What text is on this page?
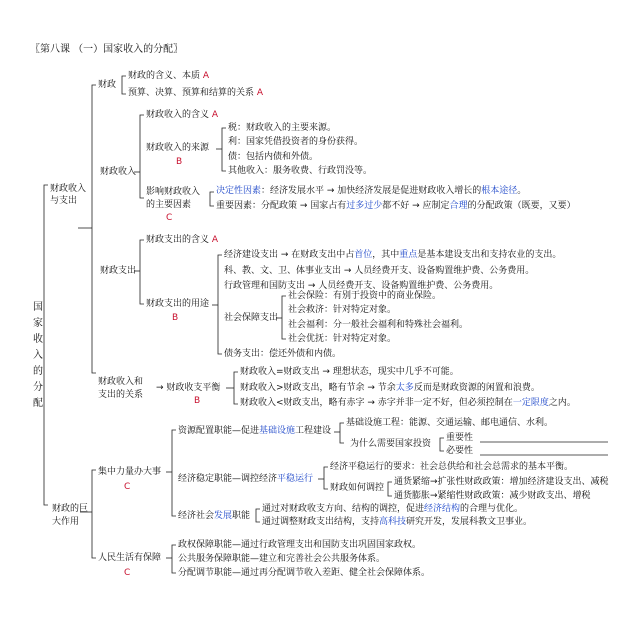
〖第八课 （一）国家收入的分配〗
国家收入的分配
财政收入与支出
财政
财政的含义、本质 A
预算、决算、预算和结算的关系 A
财政收入
财政收入的含义 A
财政收入的来源
B
税：财政收入的主要来源。
利：国家凭借投资者的身份获得。
债：包括内债和外债。
其他收入：服务收费、行政罚没等。
影响财政收入
的主要因素
C
决定性因素：经济发展水平 → 加快经济发展是促进财政收入增长的根本途径。
重要因素：分配政策 → 国家占有过多过少都不好 → 应制定合理的分配政策（既要，又要）
财政支出
财政支出的含义 A
财政支出的用途
B
经济建设支出 → 在财政支出中占首位，其中重点是基本建设支出和支持农业的支出。
科、教、文、卫、体事业支出 → 人员经费开支、设备购置维护费、公务费用。
行政管理和国防支出 → 人员经费开支、设备购置维护费、公务费用。
社会保障支出
社会保险：有别于投资中的商业保险。
社会救济：针对特定对象。
社会福利：分一般社会福利和特殊社会福利。
社会优抚：针对特定对象。
债务支出：偿还外债和内债。
财政收入和
支出的关系
→ 财政收支平衡
B
财政收入=财政支出 → 理想状态，现实中几乎不可能。
财政收入>财政支出，略有节余 → 节余太多反而是财政资源的闲置和浪费。
财政收入<财政支出，略有赤字 → 赤字并非一定不好，但必须控制在一定限度之内。
财政的巨大作用
集中力量办大事
C
资源配置职能—促进基础设施工程建设
基础设施工程：能源、交通运输、邮电通信、水利。
为什么需要国家投资
重要性
必要性
经济稳定职能—调控经济平稳运行
经济平稳运行的要求：社会总供给和社会总需求的基本平衡。
财政如何调控
通货紧缩→扩张性财政政策：增加经济建设支出、减税
通货膨胀→紧缩性财政政策：减少财政支出、增税
经济社会发展职能
通过对财政收支方向、结构的调控，促进经济结构的合理与优化。
通过调整财政支出结构，支持高科技研究开发，发展科教文卫事业。
人民生活有保障
C
政权保障职能—通过行政管理支出和国防支出巩固国家政权。
公共服务保障职能—建立和完善社会公共服务体系。
分配调节职能—通过再分配调节收入差距、健全社会保障体系。
